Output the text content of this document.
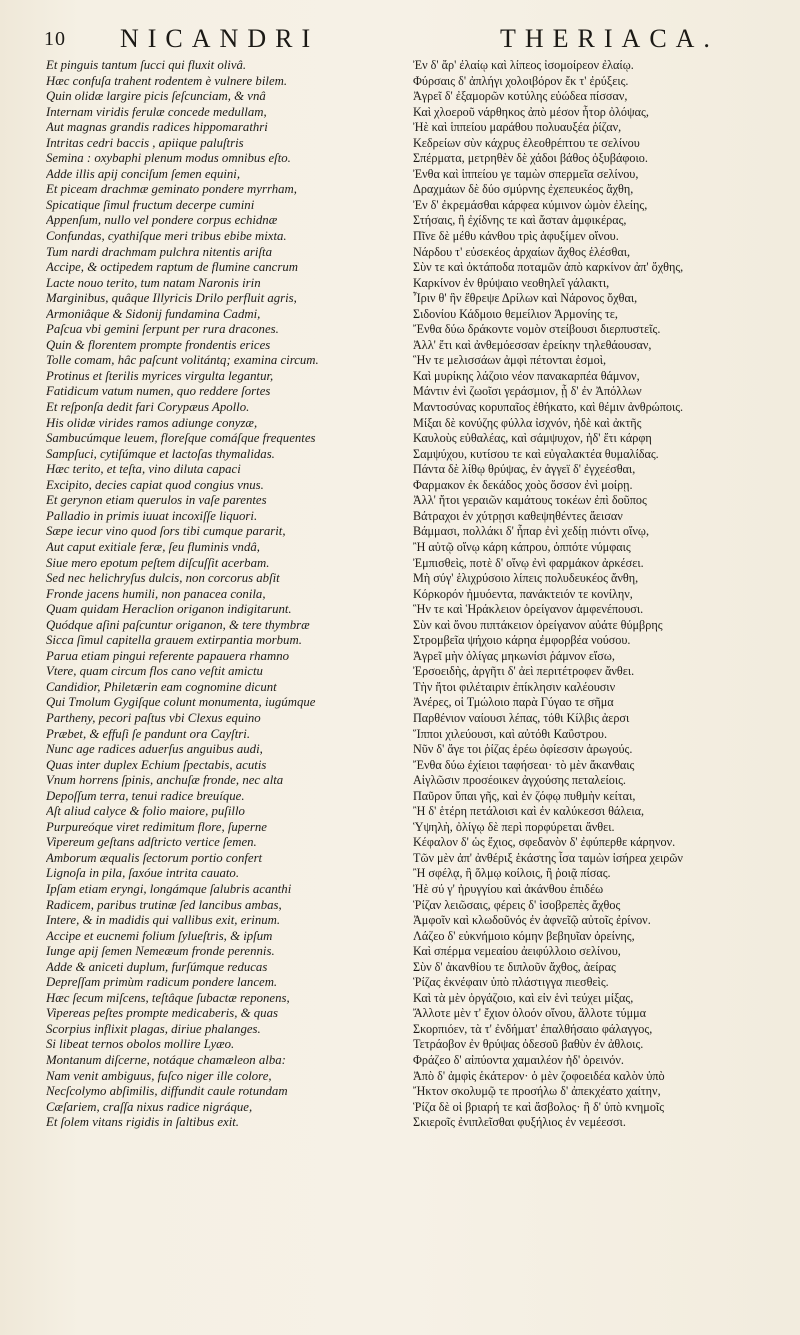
10 NICANDRI	THERIACA.
Et pinguis tantum ſucci qui fluxit olivâ.
Hæc confuſa trahent rodentem è vulnere bilem.
Quin olidæ largire picis ſeſcunciam, & vnâ
Internam viridis ferulæ concede medullam,
Aut magnas grandis radices hippomarathri
Intritas cedri baccis , apiique paluſtris
Semina : oxybaphi plenum modus omnibus eſto.
Adde illis apij conciſum ſemen equini,
Et piceam drachmæ geminato pondere myrrham,
Spicatique ſimul fructum decerpe cumini
Appenſum, nullo vel pondere corpus echidnæ
Confundas, cyathiſque meri tribus ebibe mixta.
Tum nardi drachmam pulchra nitentis ariſta
Accipe, & octipedem raptum de flumine cancrum
Lacte nouo terito, tum natam Naronis irin
Marginibus, quâque Illyricis Drilo perfluit agris,
Armoniâque & Sidonij fundamina Cadmi,
Paſcua vbi gemini ſerpunt per rura dracones.
Quin & florentem prompte frondentis erices
Tolle comam, hâc paſcunt volitántq; examina circum.
Protinus et ſterilis myrices virgulta legantur,
Fatidicum vatum numen, quo reddere ſortes
Et reſponſa dedit fari Corypæus Apollo.
His olidæ virides ramos adiunge conyzæ,
Sambucúmque leuem, floreſque comáſque frequentes
Sampſuci, cytiſúmque et lactoſas thymalidas.
Hæc terito, et teſta, vino diluta capaci
Excipito, decies capiat quod congius vnus.
Et gerynon etiam querulos in vaſe parentes
Palladio in primis iuuat incoxiſſe liquori.
Sæpe iecur vino quod ſors tibi cumque pararit,
Aut caput exitiale feræ, ſeu fluminis vndâ,
Siue mero epotum peſtem diſcuſſit acerbam.
Sed nec helichryſus dulcis, non corcorus abſit
Fronde jacens humili, non panacea conila,
Quam quidam Heraclion origanon indigitarunt.
Quódque aſini paſcuntur origanon, & tere thymbræ
Sicca ſimul capitella grauem extirpantia morbum.
Parua etiam pingui referente papauera rhamno
Vtere, quam circum flos cano veſtit amictu
Candidior, Philetærin eam cognomine dicunt
Qui Tmolum Gygiſque colunt monumenta, iugúmque
Partheny, pecori paſtus vbi Clexus equino
Præbet, & effuſi ſe pandunt ora Cayſtri.
Nunc age radices aduerſus anguibus audi,
Quas inter duplex Echium ſpectabis, acutis
Vnum horrens ſpinis, anchuſæ fronde, nec alta
Depoſſum terra, tenui radice breuíque.
Aſt aliud calyce & folio maiore, puſillo
Purpureóque viret redimitum flore, ſuperne
Vipereum geſtans adſtricto vertice ſemen.
Amborum æqualis ſectorum portio confert
Lignoſa in pila, ſaxóue intrita cauato.
Ipſam etiam eryngi, longámque ſalubris acanthi
Radicem, paribus trutinæ ſed lancibus ambas,
Intere, & in madidis qui vallibus exit, erinum.
Accipe et eucnemi folium ſylueſtris, & ipſum
Iunge apij ſemen Nemeæum fronde perennis.
Adde & aniceti duplum, furſúmque reducas
Depreſſam primùm radicum pondere lancem.
Hæc ſecum miſcens, teſtâque ſubactæ reponens,
Vipereas peſtes prompte medicaberis, & quas
Scorpius inflixit plagas, diriue phalanges.
Si libeat ternos obolos mollire Lyæo.
Montanum diſcerne, notáque chamæleon alba:
Nam venit ambiguus, fuſco niger ille colore,
Necſcolymo abſimilis, diffundit caule rotundam
Cæſariem, craſſa nixus radice nigráque,
Et ſolem vitans rigidis in ſaltibus exit.
Ἐν δ' ἄρ' ἐλαίῳ καὶ λίπεος ἰσομοίρεον ἐλαίῳ.
Φύρσαις δ' ἀπλήγι χολοιβόρον ἔκ τ' ἐρύξεις.
Ἀγρεῖ δ' ἐξαμορῶν κοτύλης εὐώδεα πίσσαν,
Καὶ χλοεροῦ νάρθηκος ἀπὸ μέσον ἦτορ ὀλόψας,
Ἠὲ καὶ ἱππείου μαράθου πολυαυξέα ῥίζαν,
Κεδρείων σὺν κάχρυς ἐλεοθρέπτου τε σελίνου
Σπέρματα, μετρηθὲν δὲ χάδοι βάθος ὀξυβάφοιο.
Ἐνθα καὶ ἱππείου γε ταμὼν σπερμεῖα σελίνου,
Δραχμάων δὲ δύο σμύρνης ἐχεπευκέος ἄχθη,
Ἐν δ' ἐκρεμάσθαι κάρφεα κύμινον ὠμὸν ἐλείης,
Στήσαις, ἢ ἐχίδνης τε καὶ ἄσταν ἀμφικέρας,
Πῖνε δὲ μέθυ κάνθου τρὶς ἀφυξίμεν οἴνου.
Νάρδου τ' εὐσεκέος ἀρχαίων ἄχθος ἑλέσθαι,
Σὺν τε καὶ ὀκτάποδα ποταμῶν ἀπὸ καρκίνον ἀπ' ὄχθης,
Καρκίνον ἐν θρύψαιο νεοθηλεῖ γάλακτι,
Ἶριν θ' ἣν ἔθρεψε Δρίλων καὶ Νάρονος ὄχθαι,
Σιδονίου Κάδμοιο θεμείλιον Ἁρμονίης τε,
Ἔνθα δύω δράκοντε νομὸν στείβουσι διερπυστεῖς.
Ἀλλ' ἔτι καὶ ἀνθεμόεσσαν ἐρείκην τηλεθάουσαν,
Ἣν τε μελισσάων ἀμφὶ πέτονται ἑσμοὶ,
Καὶ μυρίκης λάζοιο νέον πανακαρπέα θάμνον,
Μάντιν ἐνὶ ζωοῖσι γεράσμιον, ᾗ δ' ἐν Ἀπόλλων
Μαντοσύνας κορυπαῖος ἐθήκατο, καὶ θέμιν ἀνθρώποις.
Μίξαι δὲ κονύζης φύλλα ἰσχνόν, ἠδὲ καὶ ἀκτῆς
Καυλοὺς εὐθαλέας, καὶ σάμψυχον, ἠδ' ἔτι κάρφη
Σαμψύχου, κυτίσου τε καὶ εὐγαλακτέα θυμαλίδας.
Πάντα δὲ λίθῳ θρύψας, ἐν ἀγγεϊ δ' ἐγχεέσθαι,
Φαρμακον ἐκ δεκάδος χοὸς ὅσσον ἐνὶ μοίρῃ.
Ἀλλ' ἤτοι γεραιῶν καμάτους τοκέων ἐπὶ δοῦπος
Βάτραχοι ἐν χύτρῃσι καθεψηθέντες ἄεισαν
Βάμμασι, πολλάκι δ' ἧπαρ ἐνὶ χεδίῃ πιόντι οἴνῳ,
Ἢ αὐτῷ οἴνῳ κάρη κάπρου, ὁππότε νύμφαις
Ἐμπισθεὶς, ποτὲ δ' οἴνῳ ἐνὶ φαρμάκον ἀρκέσει.
Μὴ σύγ' ἑλιχρύσοιο λίπεις πολυδευκέος ἄνθη,
Κόρκορόν ἠμυόεντα, πανάκτειόν τε κονίλην,
Ἣν τε καὶ Ἡράκλειον ὀρείγανον ἀμφενέπουσι.
Σὺν καὶ ὄνου πιπτάκειον ὀρείγανον αὐάτε θύμβρης
Στρομβεῖα ψήχοιο κάρηα ἐμφορβέα νούσου.
Ἀγρεῖ μὴν ὀλίγας μηκωνίσι ῥάμνον εἴσω,
Ἐρσοειδὴς, ἀργῆτι δ' ἀεὶ περιτέτροφεν ἄνθει.
Τὴν ἤτοι φιλέταιριν ἐπίκλησιν καλέουσιν
Ἀνέρες, οἱ Τμώλοιο παρὰ Γύγαο τε σῆμα
Παρθένιον ναίουσι λέπας, τόθι Κίλβις ἀερσι
Ἵπποι χιλεύουσι, καὶ αὐτόθι Καΰστρου.
Νῦν δ' ἄγε τοι ῥίζας ἐρέω ὀφίεσσιν ἀρωγούς.
Ἔνθα δύω ἐχίειοι ταφήσεαι· τὸ μὲν ἄκανθαις
Αἰγλῶσιν προσέοικεν ἀγχούσης πεταλείοις.
Παῦρον ὕπαι γῆς, καὶ ἐν ζόφῳ πυθμὴν κείται,
Ἢ δ' ἑτέρη πετάλοισι καὶ ἐν καλύκεσσι θάλεια,
Ὑψηλὴ, ὀλίγῳ δὲ περὶ πορφύρεται ἄνθει.
Κέφαλον δ' ὡς ἔχιος, σφεδανὸν δ' ἐφύπερθε κάρηνον.
Τῶν μὲν ἀπ' ἀνθέριξ ἑκάστης ἶσα ταμὼν ἰσήρεα χειρῶν
Ἢ σφέλᾳ, ἢ ὅλμῳ κοίλοις, ἢ ῥοιᾷ πίσας.
Ἠὲ σύ γ' ἠρυγγίου καὶ ἀκάνθου ἐπιδέω
Ῥίζαν λειῶσαις, φέρεις δ' ἰσοβρεπὲς ἄχθος
Ἀμφοῖν καὶ κλωδοῦνός ἐν ἀφνεῖῷ αὐτοῖς ἐρίνον.
Λάζεο δ' εὐκνήμοιο κόμην βεβηυῖαν ὀρείνης,
Καὶ σπέρμα νεμεαίου ἀειφύλλοιο σελίνου,
Σὺν δ' ἀκανθίου τε διπλοῦν ἄχθος, ἀείρας
Ῥίζας ἐκνέφαιν ὑπὸ πλάστιγγα πιεσθεὶς.
Καὶ τὰ μὲν ὀργάζοιο, καὶ εἰν ἑνὶ τεύχει μίξας,
Ἄλλοτε μὲν τ' ἔχιον ὀλοόν οἴνου, ἄλλοτε τύμμα
Σκορπιόεν, τὰ τ' ἐνδήματ' ἐπαλθήσαιο φάλαγγος,
Τετράοβον ἐν θρύψας ὀδεσοῦ βαθὺν ἐν ἀθλοις.
Φράζεο δ' αἰπύοντα χαμαιλέον ἠδ' ὀρεινόν.
Ἀπὸ δ' ἀμφὶς ἑκάτερον· ὁ μὲν ζοφοειδέα καλὸν ὑπὸ
Ἤκτον σκολυμῷ τε προσήλω δ' ἀπεκχέατο χαίτην,
Ῥίζα δὲ οἱ βριαρή τε καὶ ἄσβολος· ἢ δ' ὑπὸ κνημοῖς
Σκιεροῖς ἐνιπλεῖσθαι φυξήλιος ἐν νεμέεσσι.
